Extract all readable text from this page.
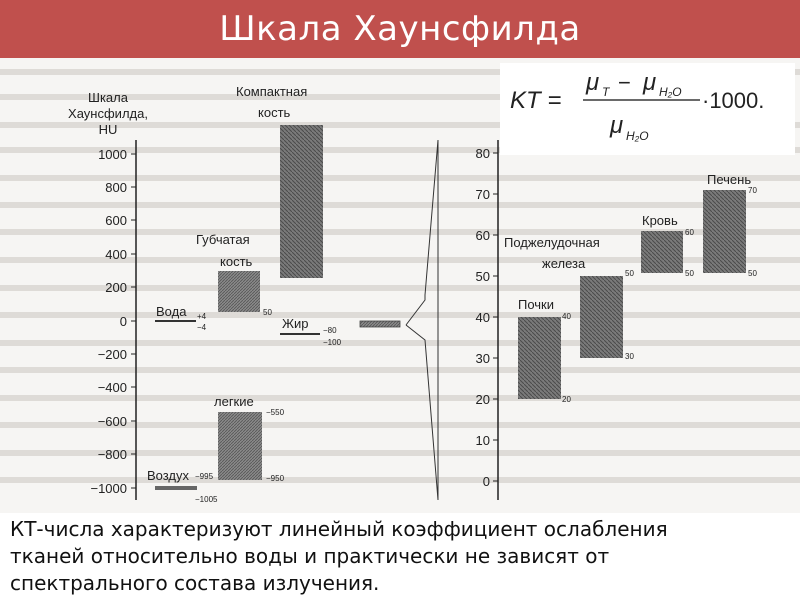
Шкала Хаунсфилда
KT =
μ T − μ H₂O ·1000.
μ H₂O
Шкала
Хаунсфилда,
HU
1000
800
600
400
200
0
−200
−400
−600
−800
−1000
Компактная
кость
Губчатая
кость
50
Вода +4
−4	Жир −80
−100
легкие
−550
−950
Воздух −995
−1005
0
10
20
30
40
50
60
70
80
Почки
40
20
Поджелудочная
железа
50
30
Кровь
60
50
Печень
70
50
КТ-числа характеризуют линейный коэффициент ослабления
тканей относительно воды и практически не зависят от
спектрального состава излучения.
